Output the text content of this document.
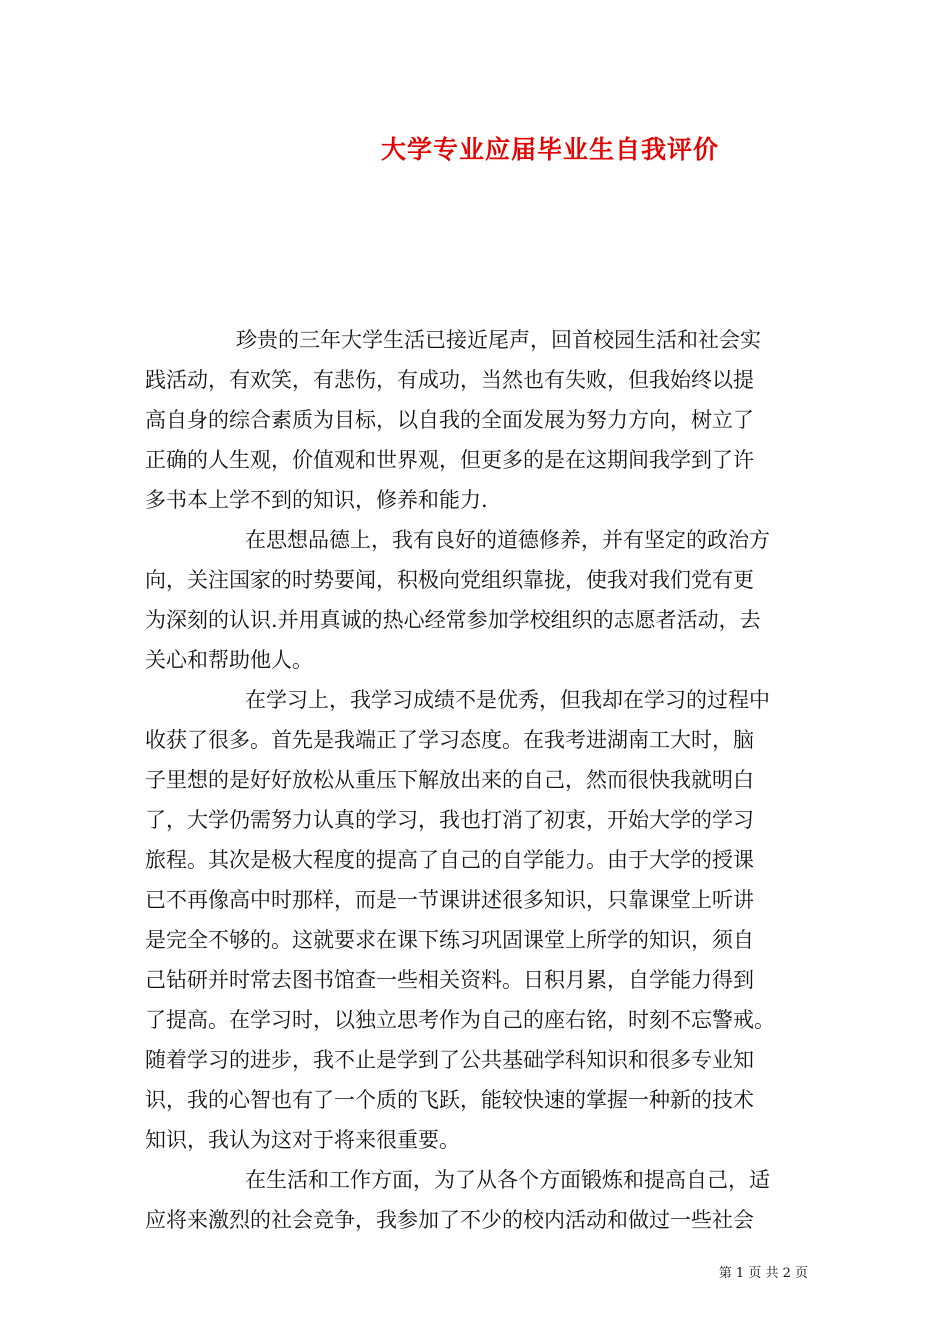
大学专业应届毕业生自我评价

珍贵的三年大学生活已接近尾声，回首校园生活和社会实
践活动，有欢笑，有悲伤，有成功，当然也有失败，但我始终以提
高自身的综合素质为目标，以自我的全面发展为努力方向，树立了
正确的人生观，价值观和世界观，但更多的是在这期间我学到了许
多书本上学不到的知识，修养和能力.

在思想品德上，我有良好的道德修养，并有坚定的政治方
向，关注国家的时势要闻，积极向党组织靠拢，使我对我们党有更
为深刻的认识.并用真诚的热心经常参加学校组织的志愿者活动，去
关心和帮助他人。

在学习上，我学习成绩不是优秀，但我却在学习的过程中
收获了很多。首先是我端正了学习态度。在我考进湖南工大时，脑
子里想的是好好放松从重压下解放出来的自己，然而很快我就明白
了，大学仍需努力认真的学习，我也打消了初衷，开始大学的学习
旅程。其次是极大程度的提高了自己的自学能力。由于大学的授课
已不再像高中时那样，而是一节课讲述很多知识，只靠课堂上听讲
是完全不够的。这就要求在课下练习巩固课堂上所学的知识，须自
己钻研并时常去图书馆查一些相关资料。日积月累，自学能力得到
了提高。在学习时，以独立思考作为自己的座右铭，时刻不忘警戒。
随着学习的进步，我不止是学到了公共基础学科知识和很多专业知
识，我的心智也有了一个质的飞跃，能较快速的掌握一种新的技术
知识，我认为这对于将来很重要。

在生活和工作方面，为了从各个方面锻炼和提高自己，适
应将来激烈的社会竞争，我参加了不少的校内活动和做过一些社会

第 1 页 共 2 页
